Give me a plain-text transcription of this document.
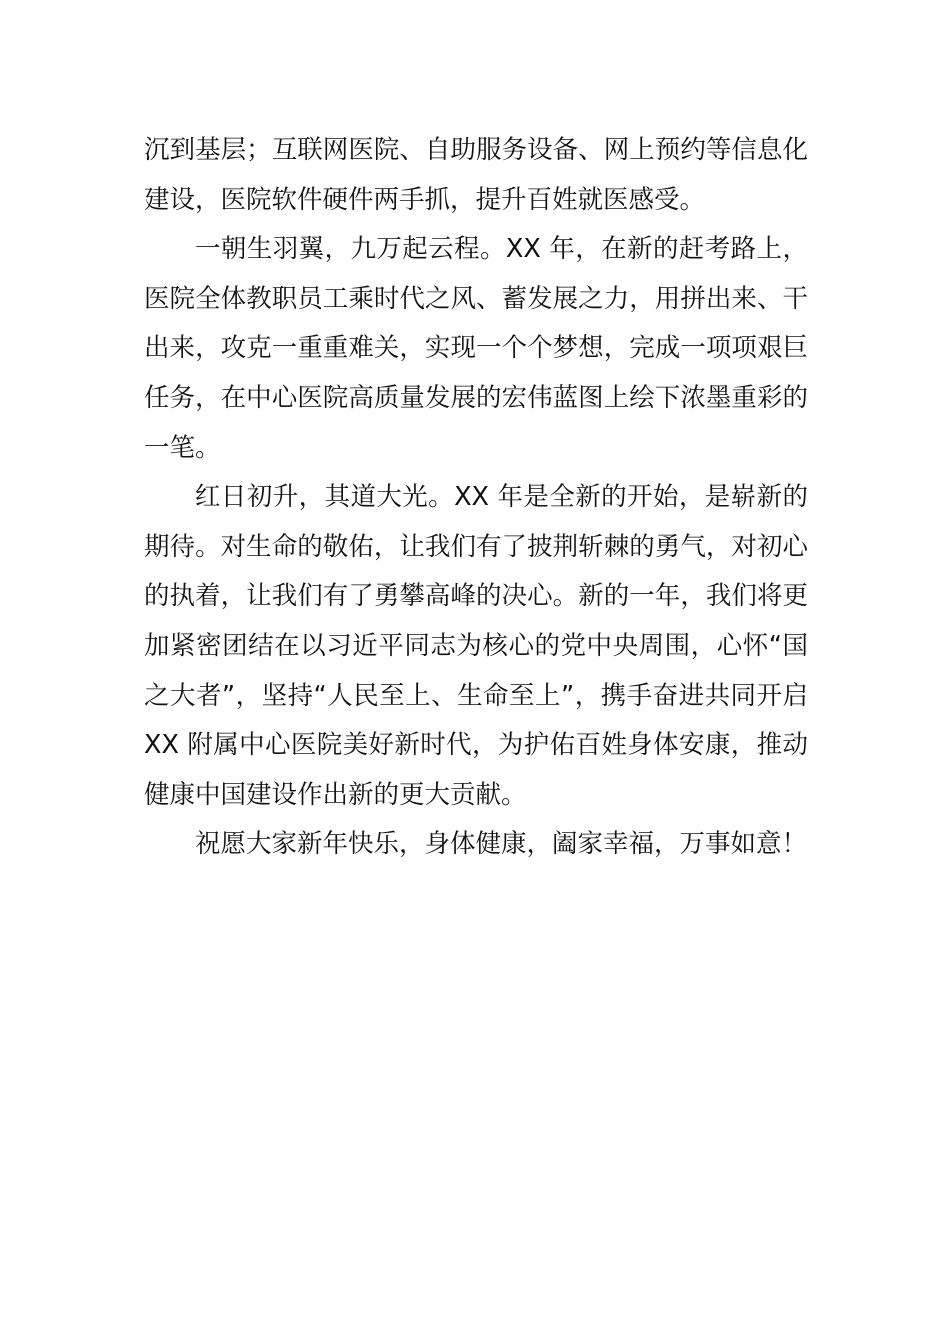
沉到基层；互联网医院、自助服务设备、网上预约等信息化建设，医院软件硬件两手抓，提升百姓就医感受。

一朝生羽翼，九万起云程。XX 年，在新的赶考路上，医院全体教职员工乘时代之风、蓄发展之力，用拼出来、干出来，攻克一重重难关，实现一个个梦想，完成一项项艰巨任务，在中心医院高质量发展的宏伟蓝图上绘下浓墨重彩的一笔。

红日初升，其道大光。XX 年是全新的开始，是崭新的期待。对生命的敬佑，让我们有了披荆斩棘的勇气，对初心的执着，让我们有了勇攀高峰的决心。新的一年，我们将更加紧密团结在以习近平同志为核心的党中央周围，心怀“国之大者”，坚持“人民至上、生命至上”，携手奋进共同开启 XX 附属中心医院美好新时代，为护佑百姓身体安康，推动健康中国建设作出新的更大贡献。

祝愿大家新年快乐，身体健康，阖家幸福，万事如意！
